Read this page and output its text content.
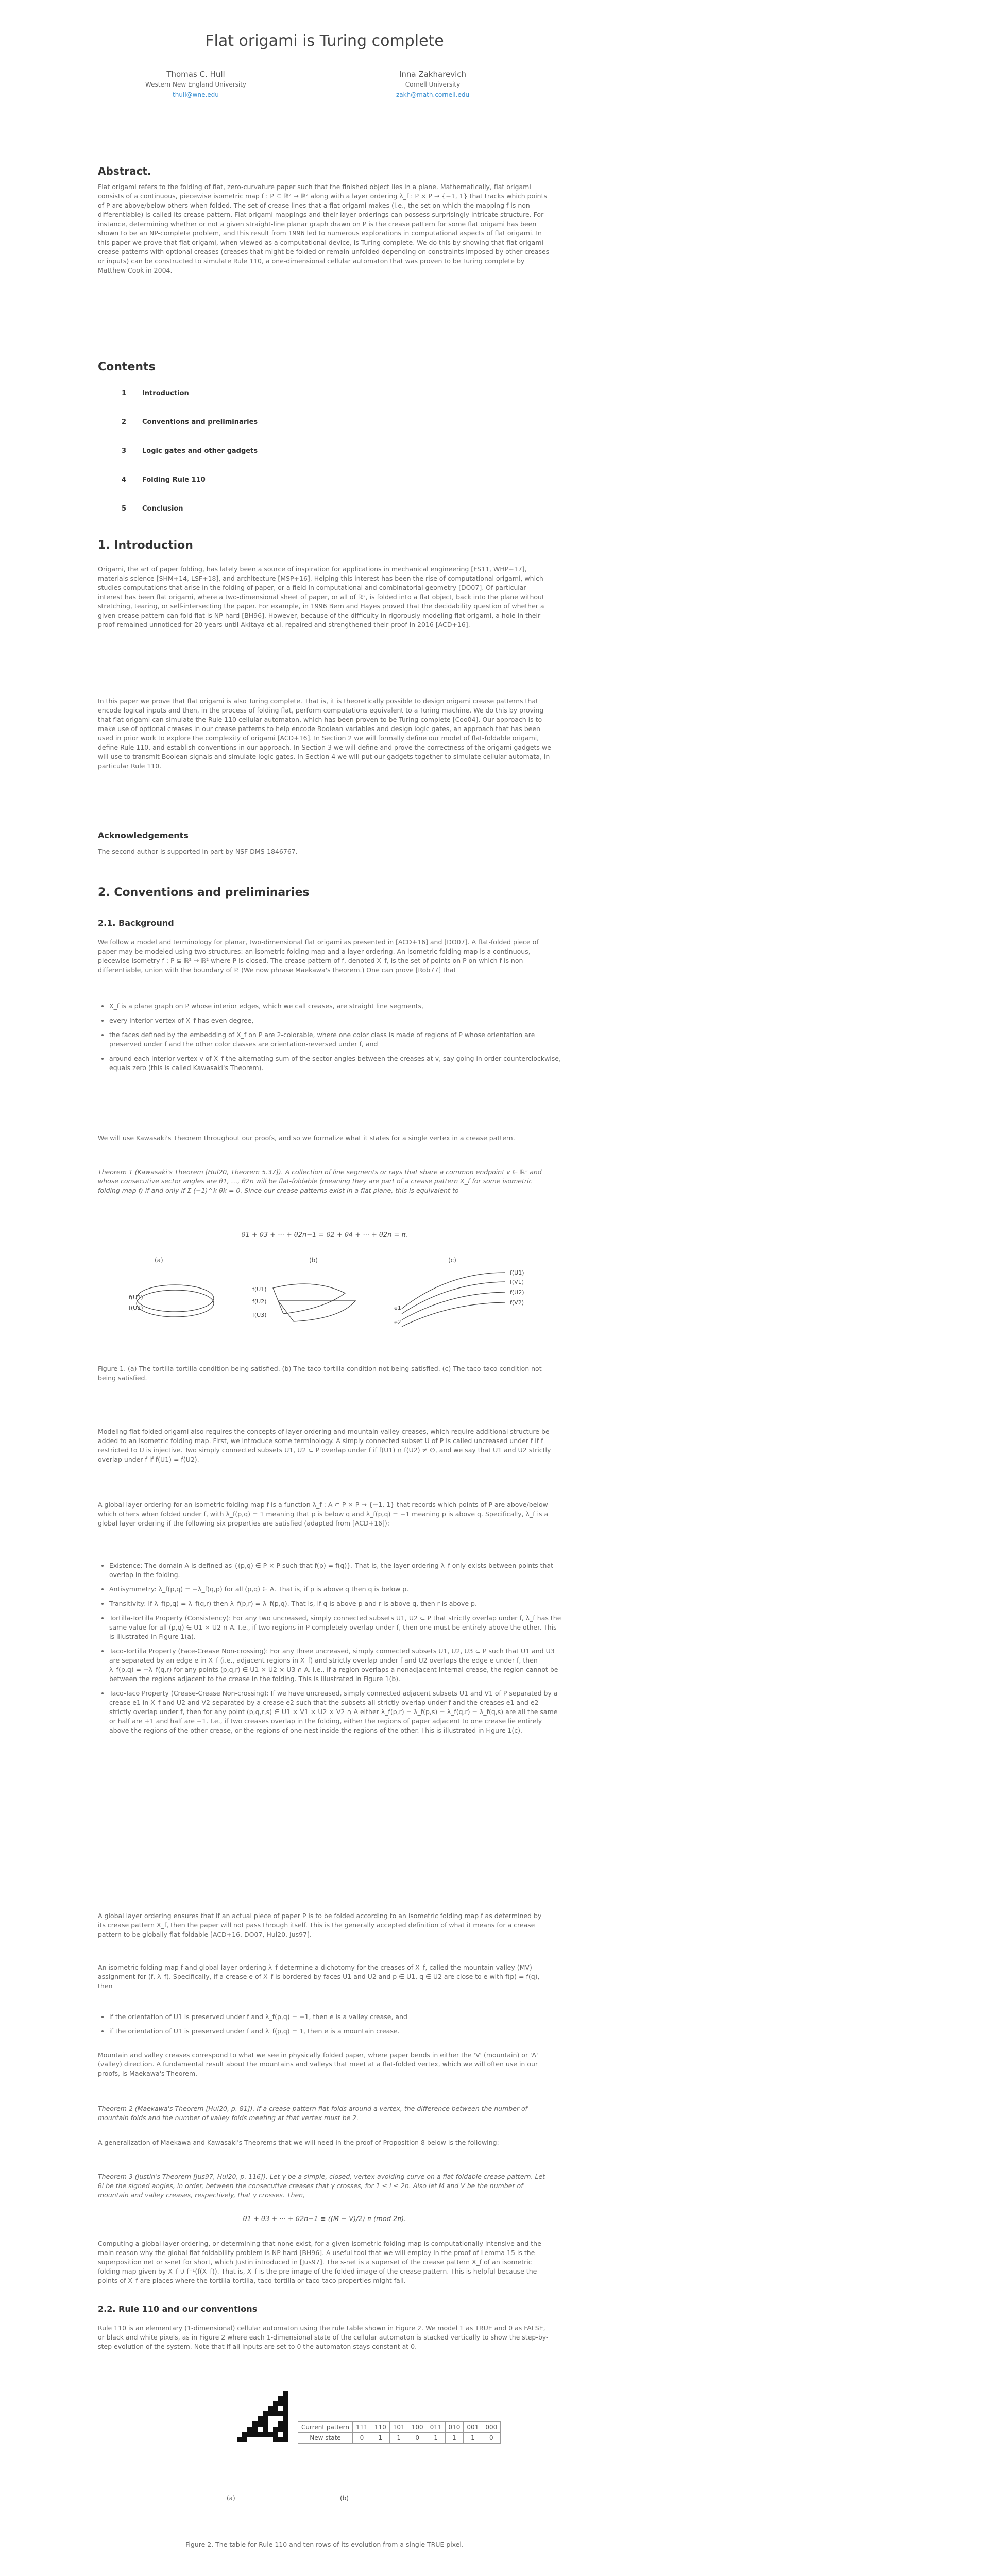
Flat origami is Turing complete
Thomas C. Hull
Western New England University
thull@wne.edu
Inna Zakharevich
Cornell University
zakh@math.cornell.edu
Abstract.
Flat origami refers to the folding of flat, zero-curvature paper such that the finished object lies in a plane. Mathematically, flat origami consists of a continuous, piecewise isometric map f : P ⊆ ℝ² → ℝ² along with a layer ordering λ_f : P × P → {−1, 1} that tracks which points of P are above/below others when folded. The set of crease lines that a flat origami makes (i.e., the set on which the mapping f is non-differentiable) is called its crease pattern. Flat origami mappings and their layer orderings can possess surprisingly intricate structure. For instance, determining whether or not a given straight-line planar graph drawn on P is the crease pattern for some flat origami has been shown to be an NP-complete problem, and this result from 1996 led to numerous explorations in computational aspects of flat origami. In this paper we prove that flat origami, when viewed as a computational device, is Turing complete. We do this by showing that flat origami crease patterns with optional creases (creases that might be folded or remain unfolded depending on constraints imposed by other creases or inputs) can be constructed to simulate Rule 110, a one-dimensional cellular automaton that was proven to be Turing complete by Matthew Cook in 2004.
Contents
1 Introduction
2 Conventions and preliminaries
3 Logic gates and other gadgets
4 Folding Rule 110
5 Conclusion
1. Introduction
Origami, the art of paper folding, has lately been a source of inspiration for applications in mechanical engineering [FS11, WHP+17], materials science [SHM+14, LSF+18], and architecture [MSP+16]. Helping this interest has been the rise of computational origami, which studies computations that arise in the folding of paper, or a field in computational and combinatorial geometry [DO07]. Of particular interest has been flat origami, where a two-dimensional sheet of paper, or all of ℝ², is folded into a flat object, back into the plane without stretching, tearing, or self-intersecting the paper. For example, in 1996 Bern and Hayes proved that the decidability question of whether a given crease pattern can fold flat is NP-hard [BH96]. However, because of the difficulty in rigorously modeling flat origami, a hole in their proof remained unnoticed for 20 years until Akitaya et al. repaired and strengthened their proof in 2016 [ACD+16].
In this paper we prove that flat origami is also Turing complete. That is, it is theoretically possible to design origami crease patterns that encode logical inputs and then, in the process of folding flat, perform computations equivalent to a Turing machine. We do this by proving that flat origami can simulate the Rule 110 cellular automaton, which has been proven to be Turing complete [Coo04]. Our approach is to make use of optional creases in our crease patterns to help encode Boolean variables and design logic gates, an approach that has been used in prior work to explore the complexity of origami [ACD+16]. In Section 2 we will formally define our model of flat-foldable origami, define Rule 110, and establish conventions in our approach. In Section 3 we will define and prove the correctness of the origami gadgets we will use to transmit Boolean signals and simulate logic gates. In Section 4 we will put our gadgets together to simulate cellular automata, in particular Rule 110.
Acknowledgements
The second author is supported in part by NSF DMS-1846767.
2. Conventions and preliminaries
2.1. Background
We follow a model and terminology for planar, two-dimensional flat origami as presented in [ACD+16] and [DO07]. A flat-folded piece of paper may be modeled using two structures: an isometric folding map and a layer ordering. An isometric folding map is a continuous, piecewise isometry f : P ⊆ ℝ² → ℝ² where P is closed. The crease pattern of f, denoted X_f, is the set of points on P on which f is non-differentiable, union with the boundary of P. (We now phrase Maekawa's theorem.) One can prove [Rob77] that
• X_f is a plane graph on P whose interior edges, which we call creases, are straight line segments,
• every interior vertex of X_f has even degree,
• the faces defined by the embedding of X_f on P are 2-colorable, where one color class is made of regions of P whose orientation are preserved under f and the other color classes are orientation-reversed under f, and
• around each interior vertex v of X_f the alternating sum of the sector angles between the creases at v, say going in order counterclockwise, equals zero (this is called Kawasaki's Theorem).
We will use Kawasaki's Theorem throughout our proofs, and so we formalize what it states for a single vertex in a crease pattern.
Theorem 1 (Kawasaki's Theorem [Hul20, Theorem 5.37]). A collection of line segments or rays that share a common endpoint v ∈ ℝ² and whose consecutive sector angles are θ1, …, θ2n will be flat-foldable (meaning they are part of a crease pattern X_f for some isometric folding map f) if and only if Σ (−1)^k θk = 0. Since our crease patterns exist in a flat plane, this is equivalent to
θ1 + θ3 + ··· + θ2n−1 = θ2 + θ4 + ··· + θ2n = π.
(a)	(b)	(c)
f(U1)
f(U2)
f(U1)
f(U2)
f(U3)
f(U1)
f(V1)
f(U2)
f(V2)
e1
e2
Figure 1. (a) The tortilla-tortilla condition being satisfied. (b) The taco-tortilla condition not being satisfied. (c) The taco-taco condition not being satisfied.
Modeling flat-folded origami also requires the concepts of layer ordering and mountain-valley creases, which require additional structure be added to an isometric folding map. First, we introduce some terminology. A simply connected subset U of P is called uncreased under f if f restricted to U is injective. Two simply connected subsets U1, U2 ⊂ P overlap under f if f(U1) ∩ f(U2) ≠ ∅, and we say that U1 and U2 strictly overlap under f if f(U1) = f(U2).
A global layer ordering for an isometric folding map f is a function λ_f : A ⊂ P × P → {−1, 1} that records which points of P are above/below which others when folded under f, with λ_f(p,q) = 1 meaning that p is below q and λ_f(p,q) = −1 meaning p is above q. Specifically, λ_f is a global layer ordering if the following six properties are satisfied (adapted from [ACD+16]):
• Existence: The domain A is defined as {(p,q) ∈ P × P such that f(p) = f(q)}. That is, the layer ordering λ_f only exists between points that overlap in the folding.
• Antisymmetry: λ_f(p,q) = −λ_f(q,p) for all (p,q) ∈ A. That is, if p is above q then q is below p.
• Transitivity: If λ_f(p,q) = λ_f(q,r) then λ_f(p,r) = λ_f(p,q). That is, if q is above p and r is above q, then r is above p.
• Tortilla-Tortilla Property (Consistency): For any two uncreased, simply connected subsets U1, U2 ⊂ P that strictly overlap under f, λ_f has the same value for all (p,q) ∈ U1 × U2 ∩ A. I.e., if two regions in P completely overlap under f, then one must be entirely above the other. This is illustrated in Figure 1(a).
• Taco-Tortilla Property (Face-Crease Non-crossing): For any three uncreased, simply connected subsets U1, U2, U3 ⊂ P such that U1 and U3 are separated by an edge e in X_f (i.e., adjacent regions in X_f) and strictly overlap under f and U2 overlaps the edge e under f, then λ_f(p,q) = −λ_f(q,r) for any points (p,q,r) ∈ U1 × U2 × U3 ∩ A. I.e., if a region overlaps a nonadjacent internal crease, the region cannot be between the regions adjacent to the crease in the folding. This is illustrated in Figure 1(b).
• Taco-Taco Property (Crease-Crease Non-crossing): If we have uncreased, simply connected adjacent subsets U1 and V1 of P separated by a crease e1 in X_f and U2 and V2 separated by a crease e2 such that the subsets all strictly overlap under f and the creases e1 and e2 strictly overlap under f, then for any point (p,q,r,s) ∈ U1 × V1 × U2 × V2 ∩ A either λ_f(p,r) = λ_f(p,s) = λ_f(q,r) = λ_f(q,s) are all the same or half are +1 and half are −1. I.e., if two creases overlap in the folding, either the regions of paper adjacent to one crease lie entirely above the regions of the other crease, or the regions of one nest inside the regions of the other. This is illustrated in Figure 1(c).
A global layer ordering ensures that if an actual piece of paper P is to be folded according to an isometric folding map f as determined by its crease pattern X_f, then the paper will not pass through itself. This is the generally accepted definition of what it means for a crease pattern to be globally flat-foldable [ACD+16, DO07, Hul20, Jus97].
An isometric folding map f and global layer ordering λ_f determine a dichotomy for the creases of X_f, called the mountain-valley (MV) assignment for (f, λ_f). Specifically, if a crease e of X_f is bordered by faces U1 and U2 and p ∈ U1, q ∈ U2 are close to e with f(p) = f(q), then
• if the orientation of U1 is preserved under f and λ_f(p,q) = −1, then e is a valley crease, and
• if the orientation of U1 is preserved under f and λ_f(p,q) = 1, then e is a mountain crease.
Mountain and valley creases correspond to what we see in physically folded paper, where paper bends in either the 'V' (mountain) or 'Λ' (valley) direction. A fundamental result about the mountains and valleys that meet at a flat-folded vertex, which we will often use in our proofs, is Maekawa's Theorem.
Theorem 2 (Maekawa's Theorem [Hul20, p. 81]). If a crease pattern flat-folds around a vertex, the difference between the number of mountain folds and the number of valley folds meeting at that vertex must be 2.
A generalization of Maekawa and Kawasaki's Theorems that we will need in the proof of Proposition 8 below is the following:
Theorem 3 (Justin's Theorem [Jus97, Hul20, p. 116]). Let γ be a simple, closed, vertex-avoiding curve on a flat-foldable crease pattern. Let θi be the signed angles, in order, between the consecutive creases that γ crosses, for 1 ≤ i ≤ 2n. Also let M and V be the number of mountain and valley creases, respectively, that γ crosses. Then,
θ1 + θ3 + ··· + θ2n−1 ≡ ((M − V)/2) π (mod 2π).
Computing a global layer ordering, or determining that none exist, for a given isometric folding map is computationally intensive and the main reason why the global flat-foldability problem is NP-hard [BH96]. A useful tool that we will employ in the proof of Lemma 15 is the superposition net or s-net for short, which Justin introduced in [Jus97]. The s-net is a superset of the crease pattern X_f of an isometric folding map given by X_f ∪ f⁻¹(f(X_f)). That is, X_f is the pre-image of the folded image of the crease pattern. This is helpful because the points of X_f are places where the tortilla-tortilla, taco-tortilla or taco-taco properties might fail.
2.2. Rule 110 and our conventions
Rule 110 is an elementary (1-dimensional) cellular automaton using the rule table shown in Figure 2. We model 1 as TRUE and 0 as FALSE, or black and white pixels, as in Figure 2 where each 1-dimensional state of the cellular automaton is stacked vertically to show the step-by-step evolution of the system. Note that if all inputs are set to 0 the automaton stays constant at 0.
Current pattern	111	110	101	100	011	010	001	000
New state	0	1	1	0	1	1	1	0
(a)	(b)
Figure 2. The table for Rule 110 and ten rows of its evolution from a single TRUE pixel.
